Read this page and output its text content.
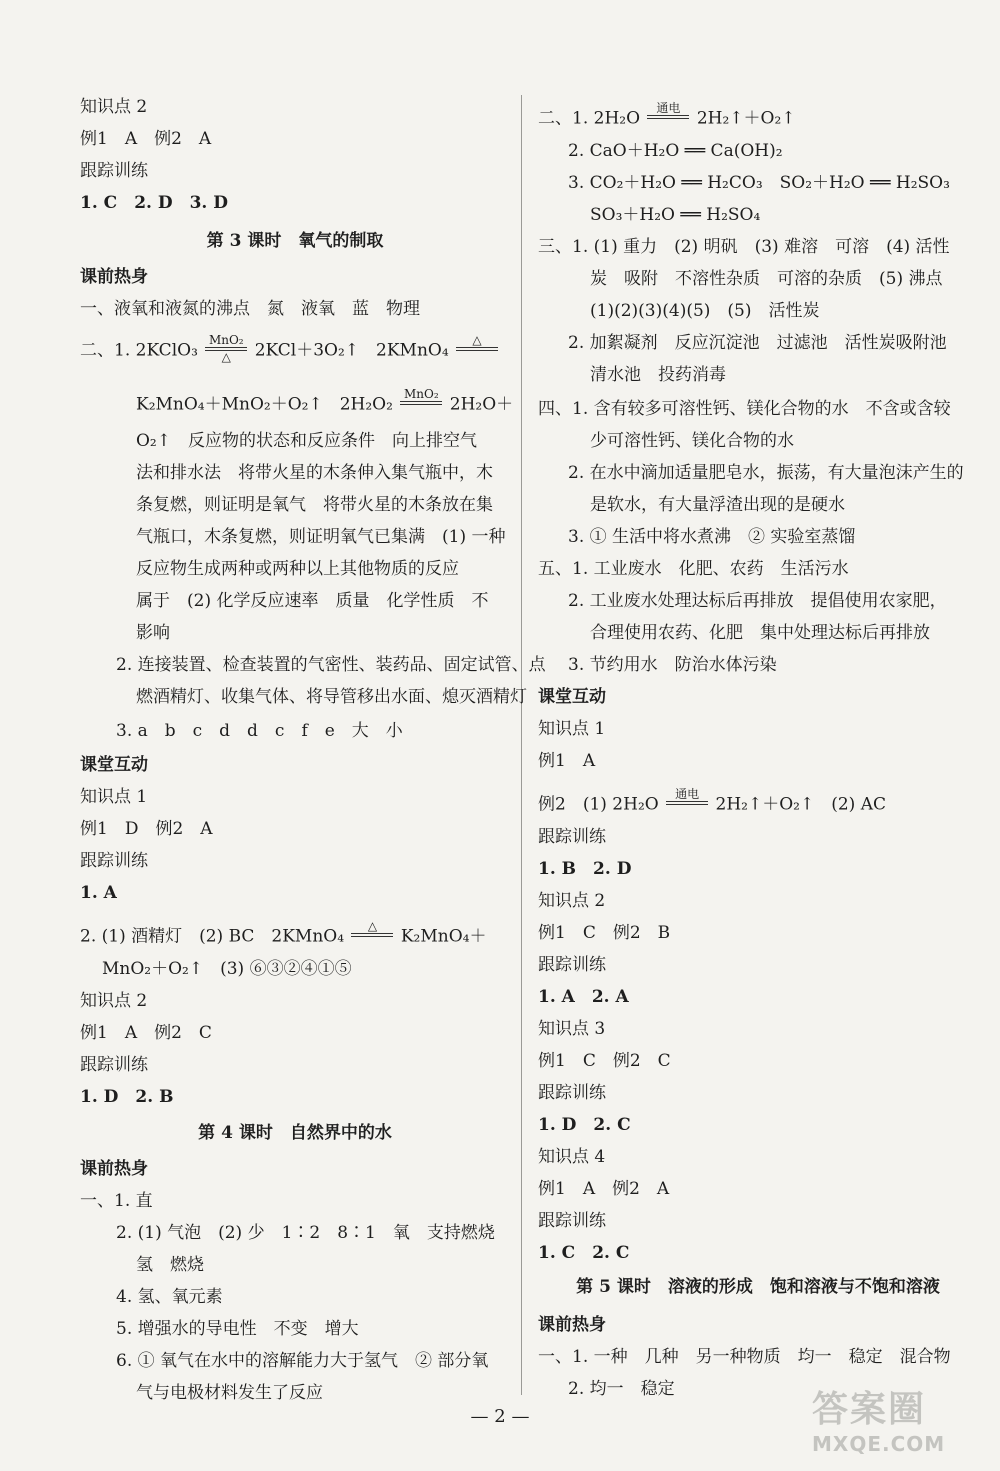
知识点 2
例1　A　例2　A
跟踪训练
1. C　2. D　3. D
第 3 课时　氧气的制取
课前热身
一、液氧和液氮的沸点　氮　液氧　蓝　物理
二、1. 2KClO₃
MnO₂
△ 2KCl＋3O₂↑　2KMnO₄
△
K₂MnO₄＋MnO₂＋O₂↑　2H₂O₂
MnO₂
2H₂O＋
O₂↑　反应物的状态和反应条件　向上排空气
法和排水法　将带火星的木条伸入集气瓶中，木
条复燃，则证明是氧气　将带火星的木条放在集
气瓶口，木条复燃，则证明氧气已集满　(1) 一种
反应物生成两种或两种以上其他物质的反应
属于　(2) 化学反应速率　质量　化学性质　不
影响
2. 连接装置、检查装置的气密性、装药品、固定试管、点
燃酒精灯、收集气体、将导管移出水面、熄灭酒精灯
3. a　b　c　d　d　c　f　e　大　小
课堂互动
知识点 1
例1　D　例2　A
跟踪训练
1. A
2. (1) 酒精灯　(2) BC　2KMnO₄
△
K₂MnO₄＋
MnO₂＋O₂↑　(3) ⑥③②④①⑤
知识点 2
例1　A　例2　C
跟踪训练
1. D　2. B
第 4 课时　自然界中的水
课前热身
一、1. 直
2. (1) 气泡　(2) 少　1∶2　8∶1　氧　支持燃烧
氢　燃烧
4. 氢、氧元素
5. 增强水的导电性　不变　增大
6. ① 氧气在水中的溶解能力大于氢气　② 部分氧
气与电极材料发生了反应
二、1. 2H₂O
通电
2H₂↑＋O₂↑
2. CaO＋H₂O ══ Ca(OH)₂
3. CO₂＋H₂O ══ H₂CO₃　SO₂＋H₂O ══ H₂SO₃
SO₃＋H₂O ══ H₂SO₄
三、1. (1) 重力　(2) 明矾　(3) 难溶　可溶　(4) 活性
炭　吸附　不溶性杂质　可溶的杂质　(5) 沸点
(1)(2)(3)(4)(5)　(5)　活性炭
2. 加絮凝剂　反应沉淀池　过滤池　活性炭吸附池
清水池　投药消毒
四、1. 含有较多可溶性钙、镁化合物的水　不含或含较
少可溶性钙、镁化合物的水
2. 在水中滴加适量肥皂水，振荡，有大量泡沫产生的
是软水，有大量浮渣出现的是硬水
3. ① 生活中将水煮沸　② 实验室蒸馏
五、1. 工业废水　化肥、农药　生活污水
2. 工业废水处理达标后再排放　提倡使用农家肥，
合理使用农药、化肥　集中处理达标后再排放
3. 节约用水　防治水体污染
课堂互动
知识点 1
例1　A
例2　(1) 2H₂O
通电
2H₂↑＋O₂↑　(2) AC
跟踪训练
1. B　2. D
知识点 2
例1　C　例2　B
跟踪训练
1. A　2. A
知识点 3
例1　C　例2　C
跟踪训练
1. D　2. C
知识点 4
例1　A　例2　A
跟踪训练
1. C　2. C
第 5 课时　溶液的形成　饱和溶液与不饱和溶液
课前热身
一、1. 一种　几种　另一种物质　均一　稳定　混合物
2. 均一　稳定
— 2 —	答案圈
MXQE.COM
